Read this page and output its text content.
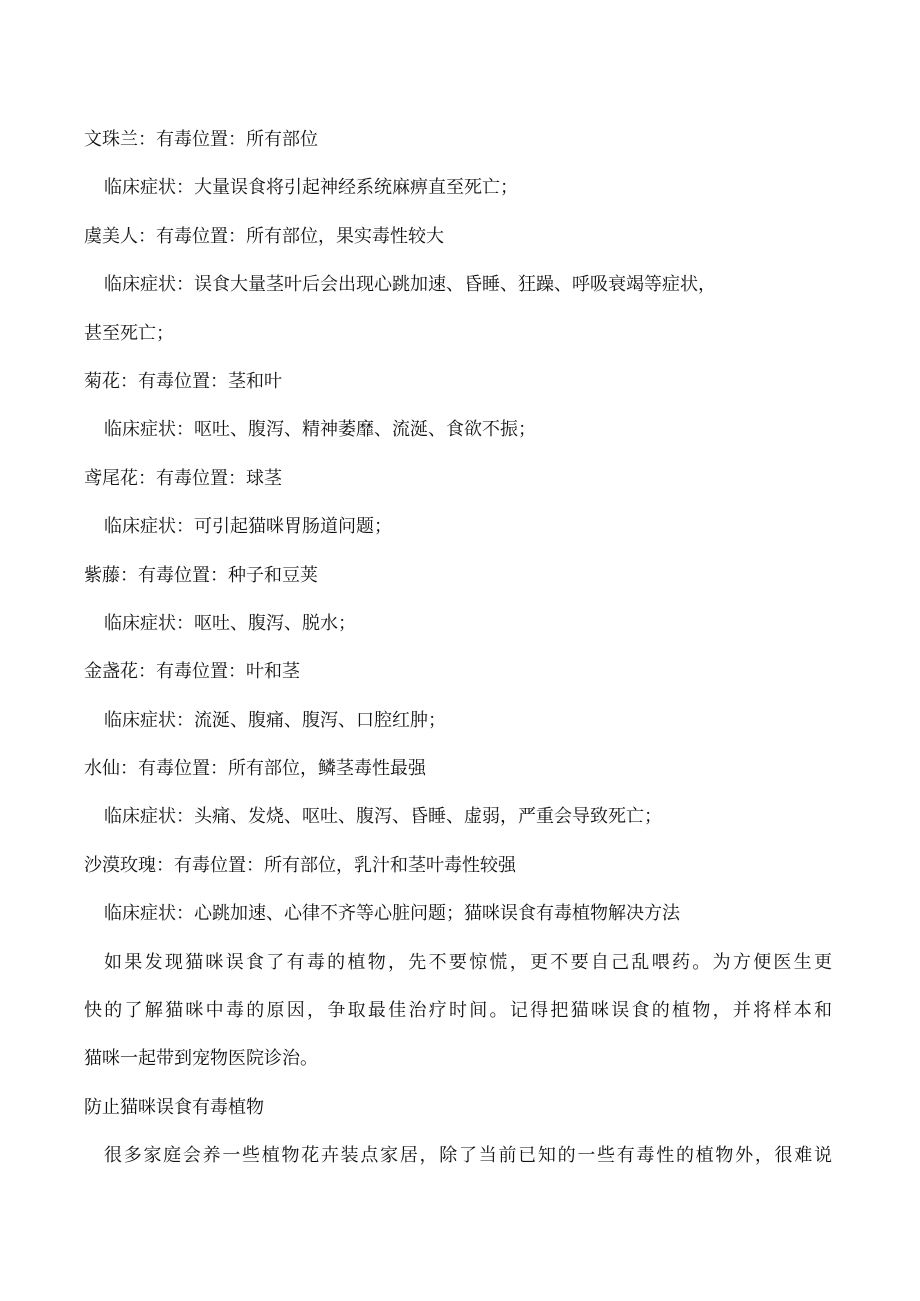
文珠兰：有毒位置：所有部位
临床症状：大量误食将引起神经系统麻痹直至死亡；
虞美人：有毒位置：所有部位，果实毒性较大
临床症状：误食大量茎叶后会出现心跳加速、昏睡、狂躁、呼吸衰竭等症状，
甚至死亡；
菊花：有毒位置：茎和叶
临床症状：呕吐、腹泻、精神萎靡、流涎、食欲不振；
鸢尾花：有毒位置：球茎
临床症状：可引起猫咪胃肠道问题；
紫藤：有毒位置：种子和豆荚
临床症状：呕吐、腹泻、脱水；
金盏花：有毒位置：叶和茎
临床症状：流涎、腹痛、腹泻、口腔红肿；
水仙：有毒位置：所有部位，鳞茎毒性最强
临床症状：头痛、发烧、呕吐、腹泻、昏睡、虚弱，严重会导致死亡；
沙漠玫瑰：有毒位置：所有部位，乳汁和茎叶毒性较强
临床症状：心跳加速、心律不齐等心脏问题；猫咪误食有毒植物解决方法
如果发现猫咪误食了有毒的植物，先不要惊慌，更不要自己乱喂药。为方便医生更
快的了解猫咪中毒的原因，争取最佳治疗时间。记得把猫咪误食的植物，并将样本和
猫咪一起带到宠物医院诊治。
防止猫咪误食有毒植物
很多家庭会养一些植物花卉装点家居，除了当前已知的一些有毒性的植物外，很难说
